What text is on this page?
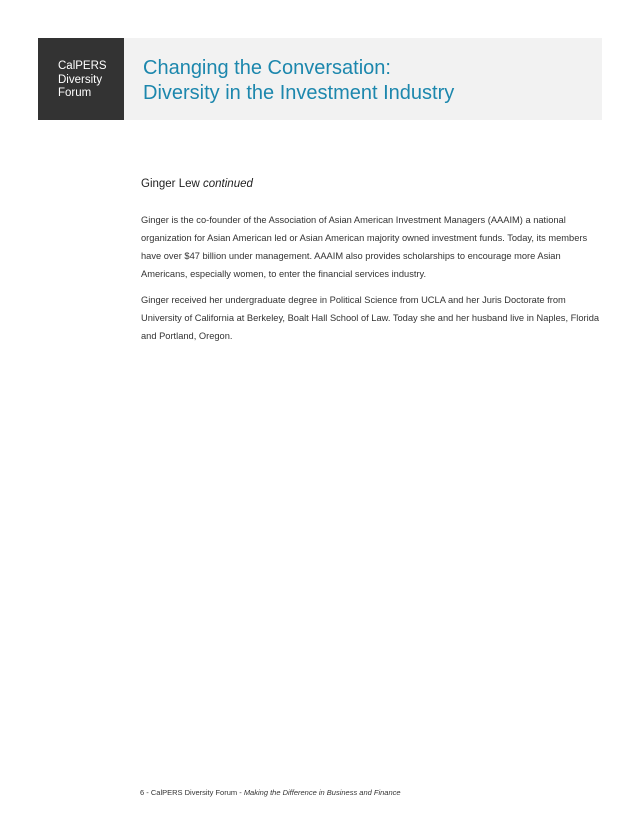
CalPERS
Diversity
Forum
Changing the Conversation:
Diversity in the Investment Industry
Ginger Lew continued

Ginger is the co-founder of the Association of Asian American Investment Managers (AAAIM) a national organization for Asian American led or Asian American majority owned investment funds. Today, its members have over $47 billion under management. AAAIM also provides scholarships to encourage more Asian Americans, especially women, to enter the financial services industry.

Ginger received her undergraduate degree in Political Science from UCLA and her Juris Doctorate from University of California at Berkeley, Boalt Hall School of Law. Today she and her husband live in Naples, Florida and Portland, Oregon.

6 - CalPERS Diversity Forum - Making the Difference in Business and Finance
